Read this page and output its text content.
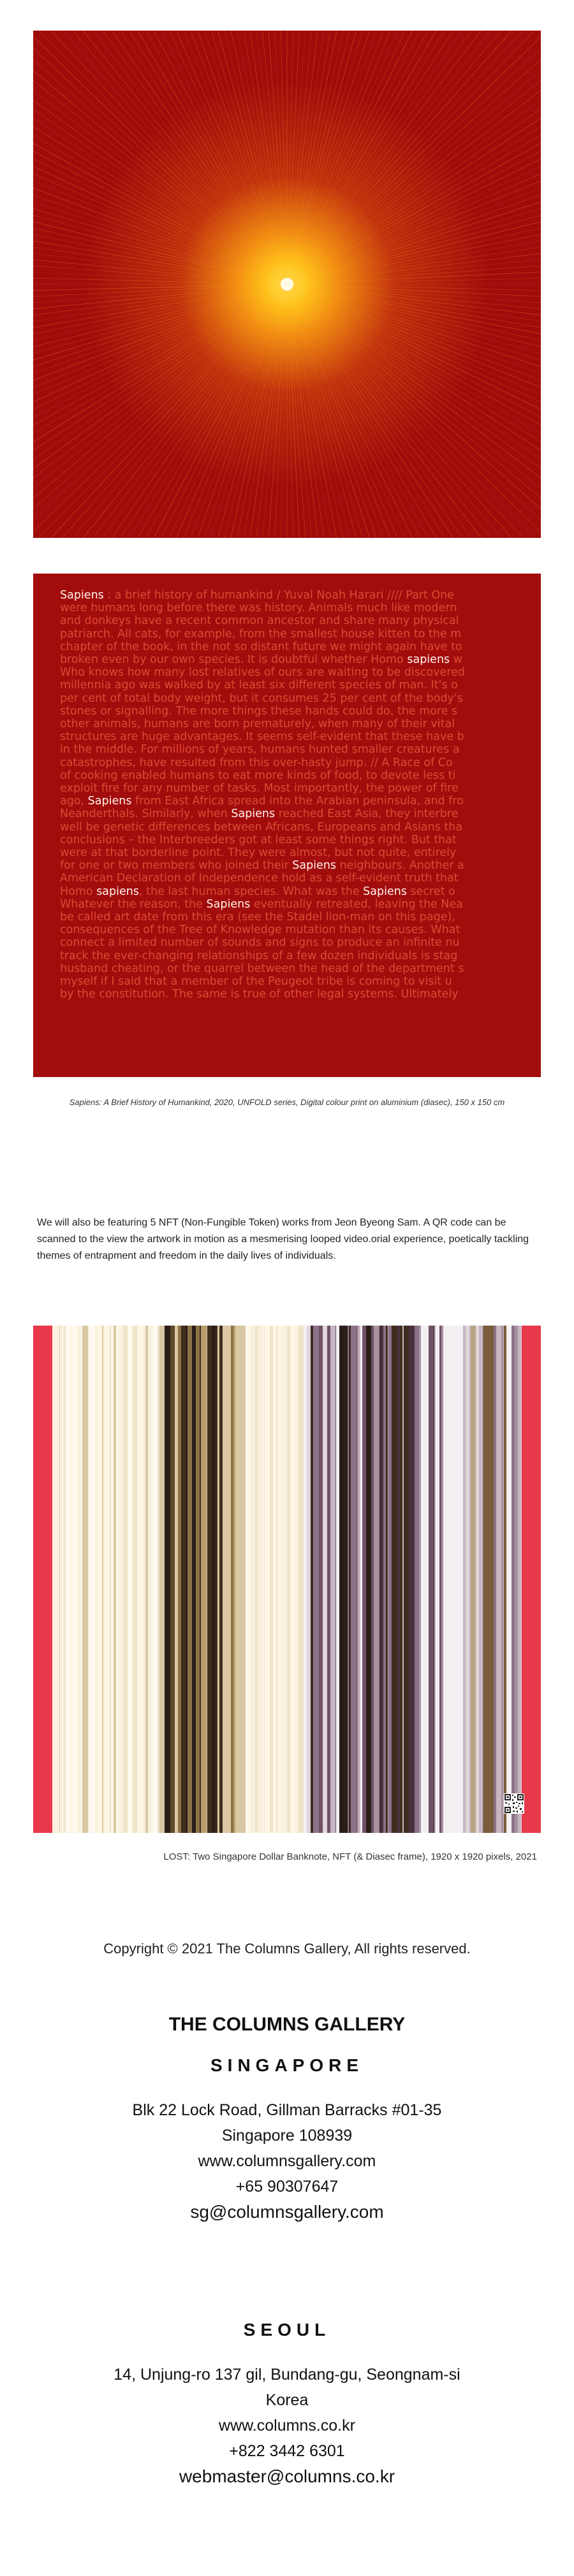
Sapiens : a brief history of humankind / Yuval Noah Harari //// Part One
were humans long before there was history. Animals much like modern
and donkeys have a recent common ancestor and share many physical
patriarch. All cats, for example, from the smallest house kitten to the m
chapter of the book, in the not so distant future we might again have to
broken even by our own species. It is doubtful whether Homo sapiens w
Who knows how many lost relatives of ours are waiting to be discovered
millennia ago was walked by at least six different species of man. It's o
per cent of total body weight, but it consumes 25 per cent of the body's
stones or signalling. The more things these hands could do, the more s
other animals, humans are born prematurely, when many of their vital
structures are huge advantages. It seems self-evident that these have b
in the middle. For millions of years, humans hunted smaller creatures a
catastrophes, have resulted from this over-hasty jump. // A Race of Co
of cooking enabled humans to eat more kinds of food, to devote less ti
exploit fire for any number of tasks. Most importantly, the power of fire
ago, Sapiens from East Africa spread into the Arabian peninsula, and fro
Neanderthals. Similarly, when Sapiens reached East Asia, they interbre
well be genetic differences between Africans, Europeans and Asians tha
conclusions – the Interbreeders got at least some things right. But that
were at that borderline point. They were almost, but not quite, entirely
for one or two members who joined their Sapiens neighbours. Another a
American Declaration of Independence hold as a self-evident truth that
Homo sapiens, the last human species. What was the Sapiens secret o
Whatever the reason, the Sapiens eventually retreated, leaving the Nea
be called art date from this era (see the Stadel lion-man on this page),
consequences of the Tree of Knowledge mutation than its causes. What
connect a limited number of sounds and signs to produce an infinite nu
track the ever-changing relationships of a few dozen individuals is stag
husband cheating, or the quarrel between the head of the department s
myself if I said that a member of the Peugeot tribe is coming to visit u
by the constitution. The same is true of other legal systems. Ultimately
Sapiens: A Brief History of Humankind, 2020, UNFOLD series, Digital colour print on aluminium (diasec), 150 x 150 cm

We will also be featuring 5 NFT (Non-Fungible Token) works from Jeon Byeong Sam. A QR code can be scanned to the view the artwork in motion as a mesmerising looped video.orial experience, poetically tackling themes of entrapment and freedom in the daily lives of individuals.

LOST: Two Singapore Dollar Banknote, NFT (& Diasec frame), 1920 x 1920 pixels, 2021
Copyright © 2021 The Columns Gallery, All rights reserved.
THE COLUMNS GALLERY
SINGAPORE
Blk 22 Lock Road, Gillman Barracks #01-35
Singapore 108939
www.columnsgallery.com
+65 90307647
sg@columnsgallery.com
SEOUL
14, Unjung-ro 137 gil, Bundang-gu, Seongnam-si
Korea
www.columns.co.kr
+822 3442 6301
webmaster@columns.co.kr
